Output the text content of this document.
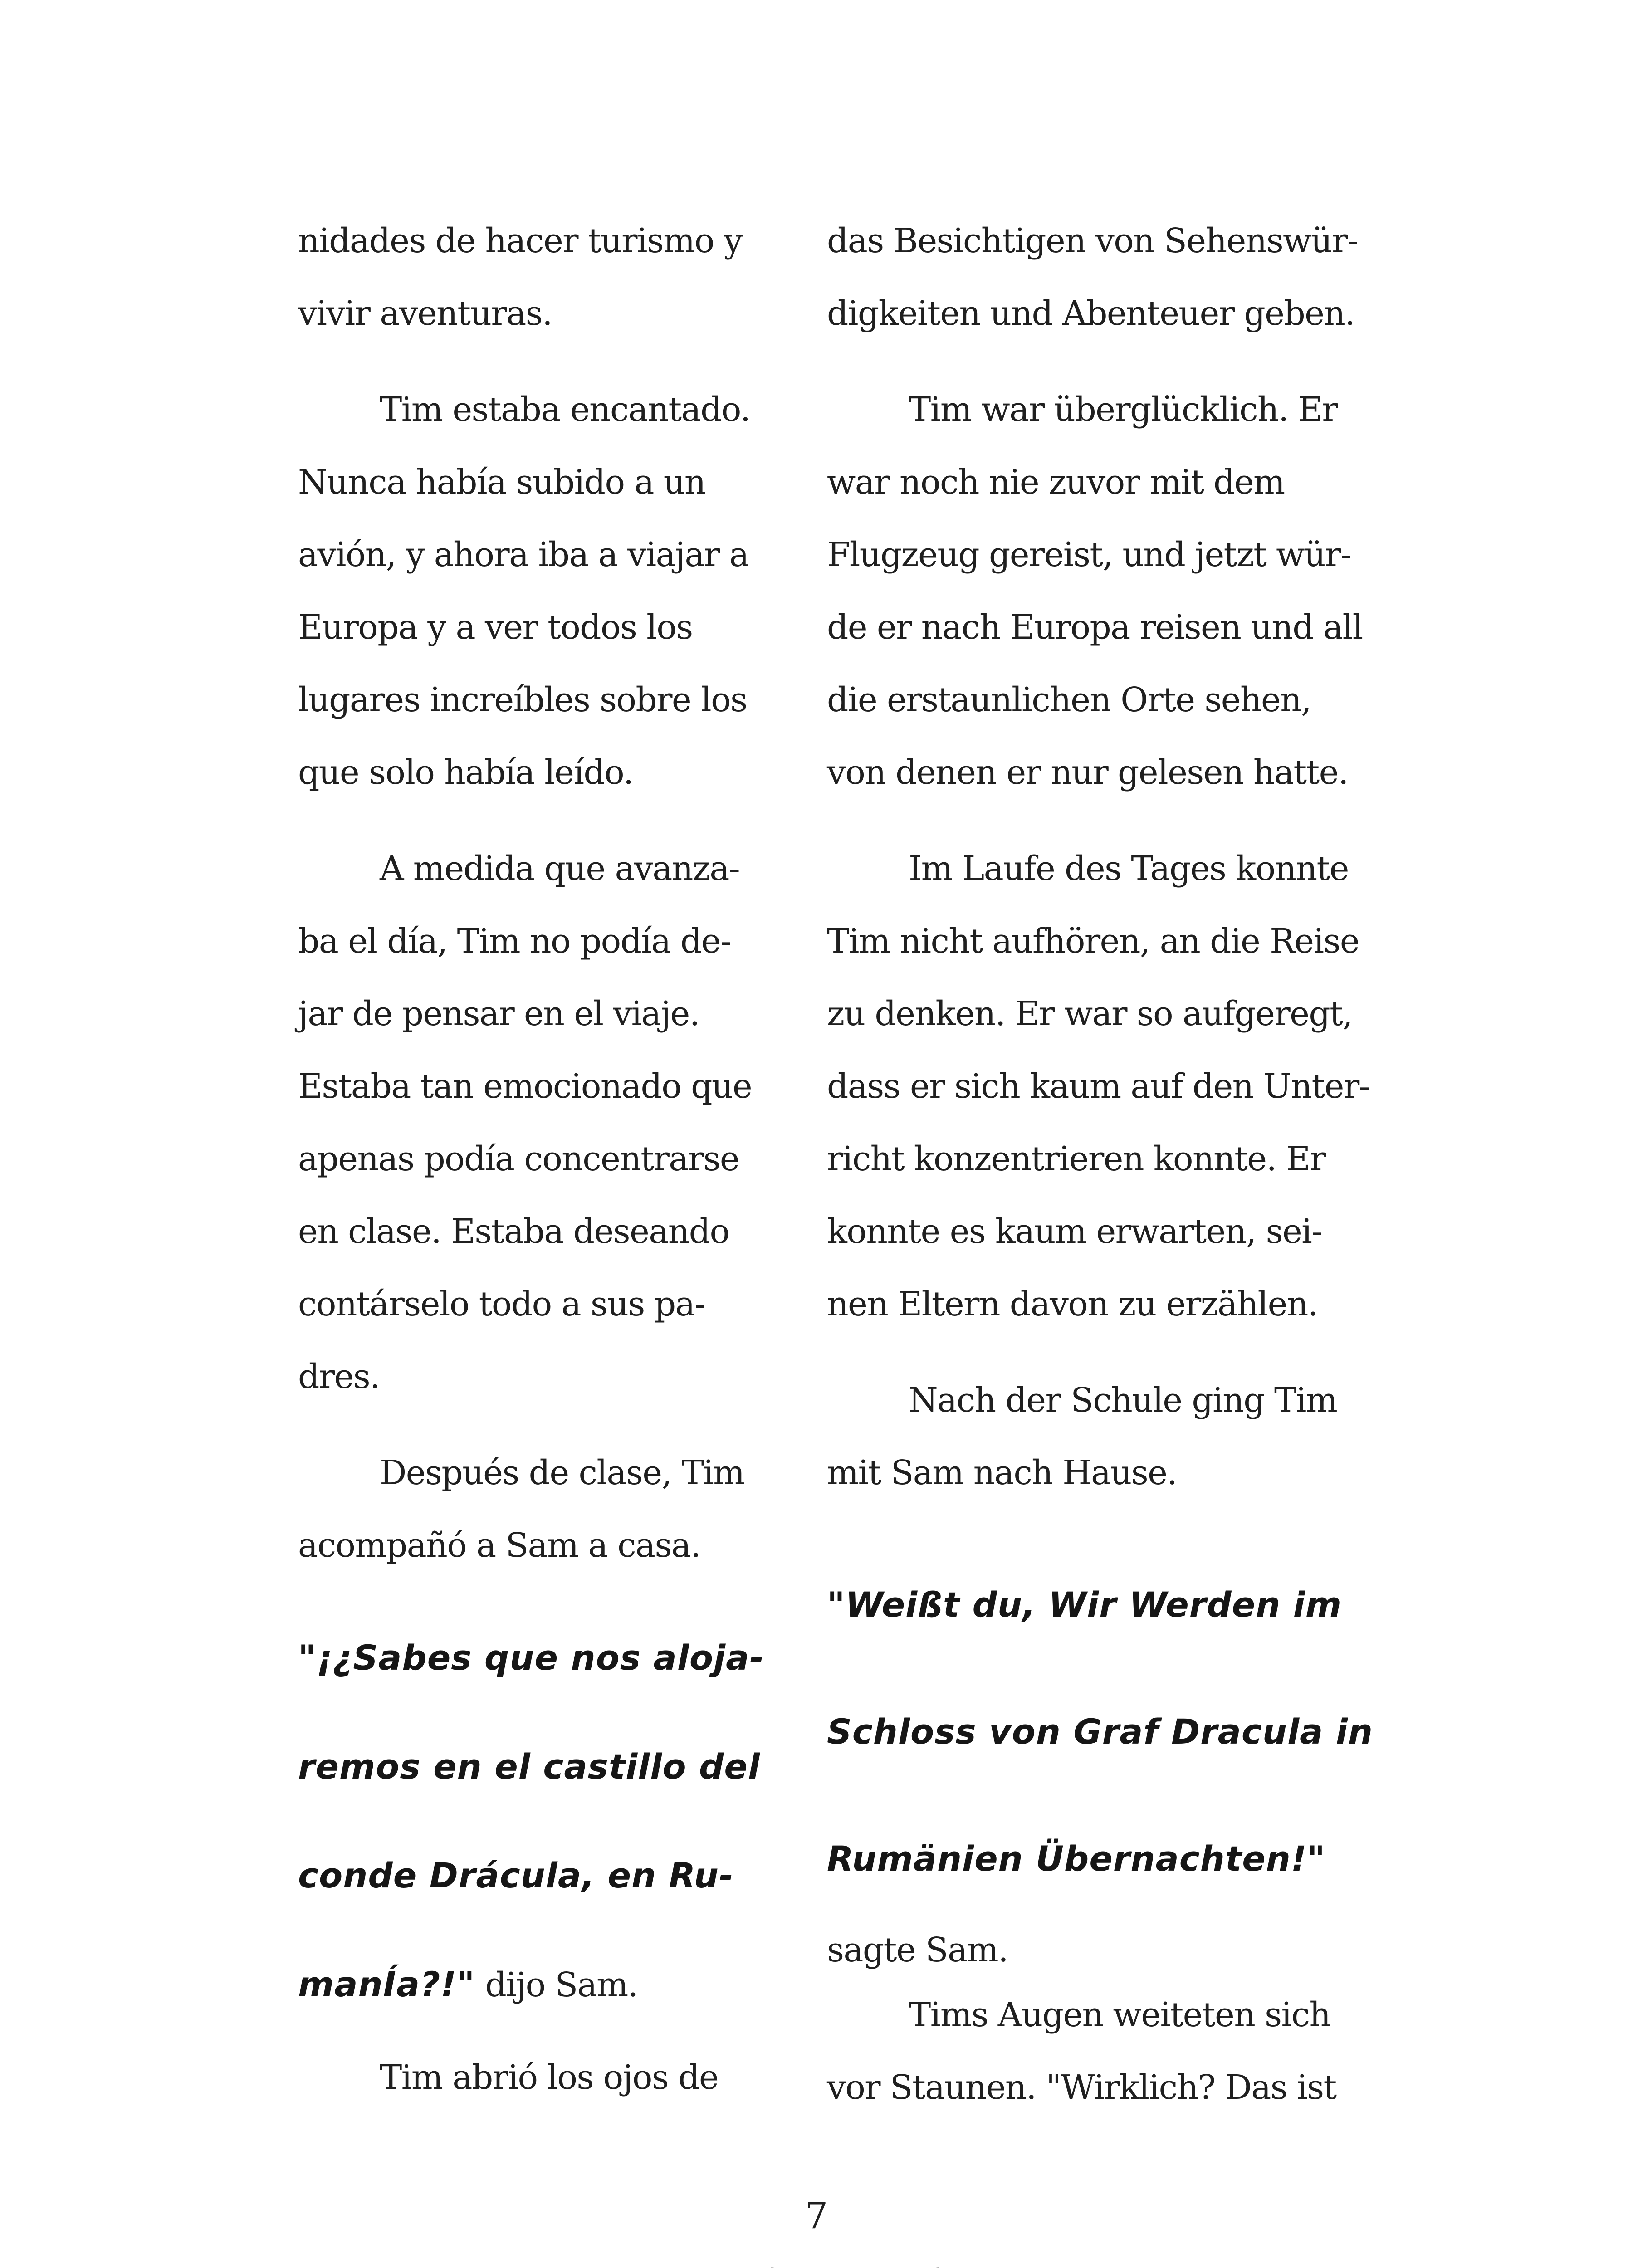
nidades de hacer turismo y

vivir aventuras.

Tim estaba encantado.

Nunca había subido a un

avión, y ahora iba a viajar a

Europa y a ver todos los

lugares increíbles sobre los

que solo había leído.

A medida que avanza-

ba el día, Tim no podía de-

jar de pensar en el viaje.

Estaba tan emocionado que

apenas podía concentrarse

en clase. Estaba deseando

contárselo todo a sus pa-

dres.

Después de clase, Tim

acompañó a Sam a casa.

"¡¿Sabes que nos aloja-

remos en el castillo del

conde Drácula, en Ru-

manÍa?!" dijo Sam.

Tim abrió los ojos de

das Besichtigen von Sehenswür-

digkeiten und Abenteuer geben.

Tim war überglücklich. Er

war noch nie zuvor mit dem

Flugzeug gereist, und jetzt wür-

de er nach Europa reisen und all

die erstaunlichen Orte sehen,

von denen er nur gelesen hatte.

Im Laufe des Tages konnte

Tim nicht aufhören, an die Reise

zu denken. Er war so aufgeregt,

dass er sich kaum auf den Unter-

richt konzentrieren konnte. Er

konnte es kaum erwarten, sei-

nen Eltern davon zu erzählen.

Nach der Schule ging Tim

mit Sam nach Hause.

"Weißt du, Wir Werden im

Schloss von Graf Dracula in

Rumänien Übernachten!"

sagte Sam.

Tims Augen weiteten sich

vor Staunen. "Wirklich? Das ist

7
